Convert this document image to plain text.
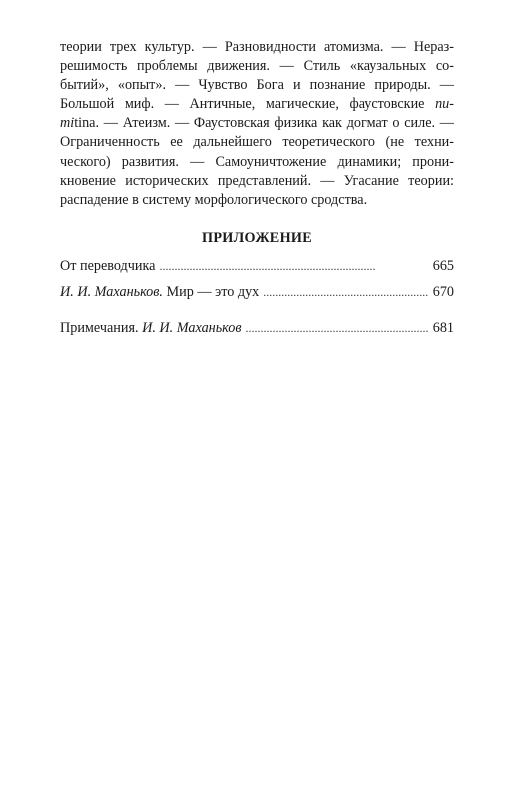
теории трех культур. — Разновидности атомизма. — Нераз-
решимость проблемы движения. — Стиль «каузальных со-
бытий», «опыт». — Чувство Бога и познание природы. —
Большой миф. — Античные, магические, фаустовские nu-
mitina. — Атеизм. — Фаустовская физика как догмат о силе. —
Ограниченность ее дальнейшего теоретического (не техни-
ческого) развития. — Самоуничтожение динамики; прони-
кновение исторических представлений. — Угасание теории:
распадение в систему морфологического сродства.
ПРИЛОЖЕНИЕ
От переводчика . . .	665
И. И. Маханьков. Мир — это дух . . .	670
Примечания. И. И. Маханьков . . .	681
